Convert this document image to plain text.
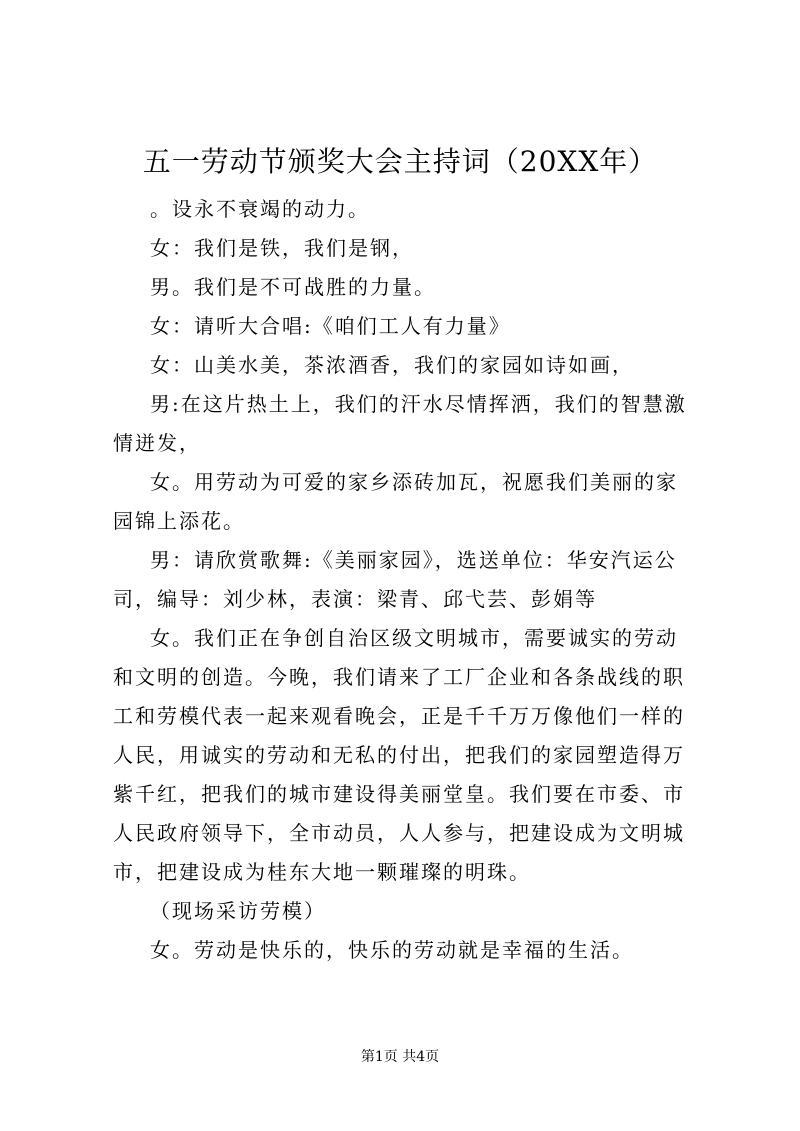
五一劳动节颁奖大会主持词（20XX年）

。设永不衰竭的动力。

女：我们是铁，我们是钢，

男。我们是不可战胜的力量。

女：请听大合唱:《咱们工人有力量》

女：山美水美，茶浓酒香，我们的家园如诗如画，

男:在这片热土上，我们的汗水尽情挥洒，我们的智慧激情迸发，

女。用劳动为可爱的家乡添砖加瓦，祝愿我们美丽的家园锦上添花。

男：请欣赏歌舞:《美丽家园》，选送单位：华安汽运公司，编导：刘少林，表演：梁青、邱弋芸、彭娟等

女。我们正在争创自治区级文明城市，需要诚实的劳动和文明的创造。今晚，我们请来了工厂企业和各条战线的职工和劳模代表一起来观看晚会，正是千千万万像他们一样的人民，用诚实的劳动和无私的付出，把我们的家园塑造得万紫千红，把我们的城市建设得美丽堂皇。我们要在市委、市人民政府领导下，全市动员，人人参与，把建设成为文明城市，把建设成为桂东大地一颗璀璨的明珠。

（现场采访劳模）

女。劳动是快乐的，快乐的劳动就是幸福的生活。

第1页 共4页
